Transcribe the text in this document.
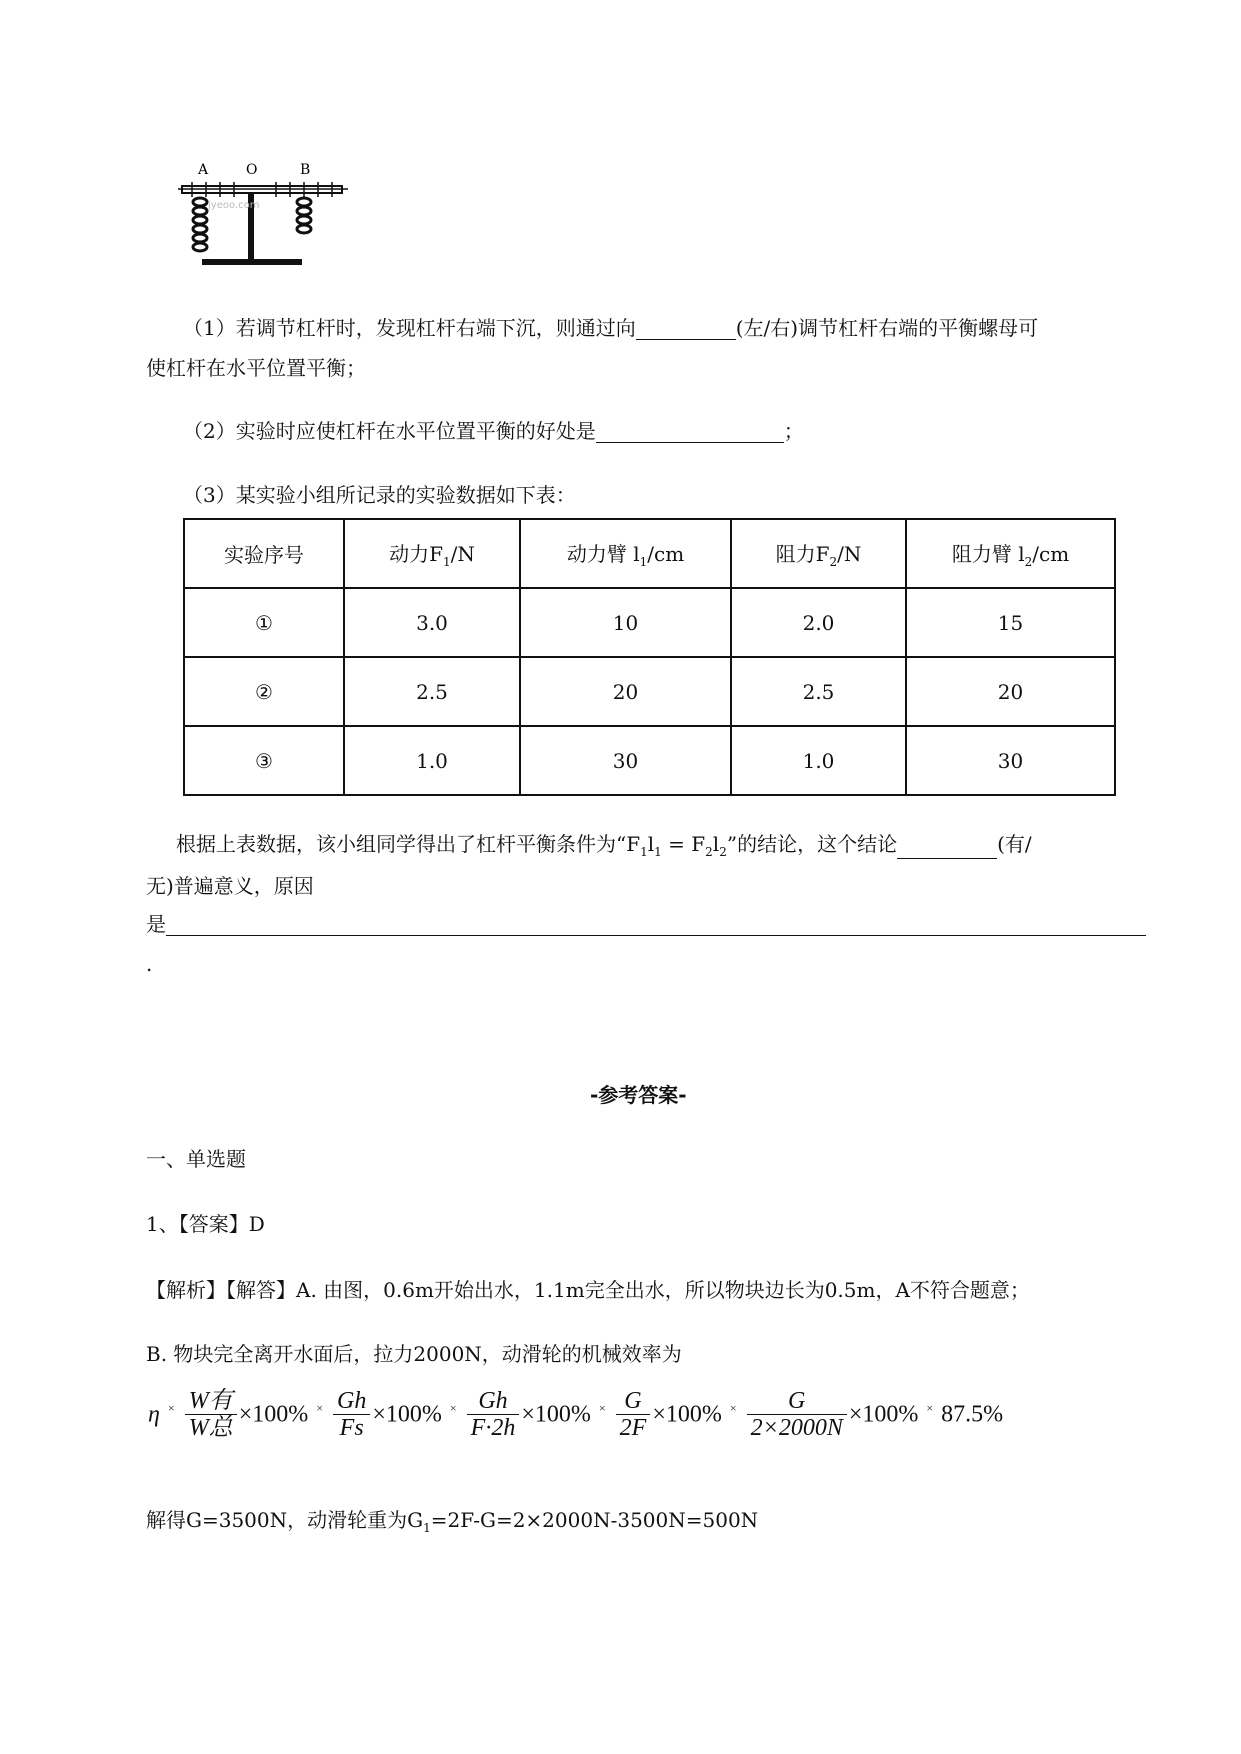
A	O	B
jyeoo.com
（1）若调节杠杆时，发现杠杆右端下沉，则通过向	(左/右)调节杠杆右端的平衡螺母可
使杠杆在水平位置平衡；
（2）实验时应使杠杆在水平位置平衡的好处是	；
（3）某实验小组所记录的实验数据如下表：
实验序号	动力$F_1/N$	动力臂 $l_1/cm$	阻力$F_2/N$	阻力臂 $l_2/cm$
①	3.0	10	2.0	15
②	2.5	20	2.5	20
③	1.0	30	1.0	30
根据上表数据，该小组同学得出了杠杆平衡条件为“$F_1l_1 = F_2l_2$”的结论，这个结论	(有/
无)普遍意义，原因
是
.
-参考答案-
一、单选题
1、【答案】D
【解析】【解答】A. 由图，0.6m开始出水，1.1m完全出水，所以物块边长为0.5m，A不符合题意；
B. 物块完全离开水面后，拉力2000N，动滑轮的机械效率为
$\eta \times \frac{\text{W有}}{\text{W总}} \times 100\% \times \frac{Gh}{Fs} \times 100\% \times \frac{Gh}{F\cdot 2h} \times 100\% \times \frac{G}{2F} \times 100\% \times \frac{G}{2\times 2000N} \times 100\% \times 87.5\%$
解得G=3500N，动滑轮重为$G_1=2F-G=2\times 2000N-3500N=500N$
